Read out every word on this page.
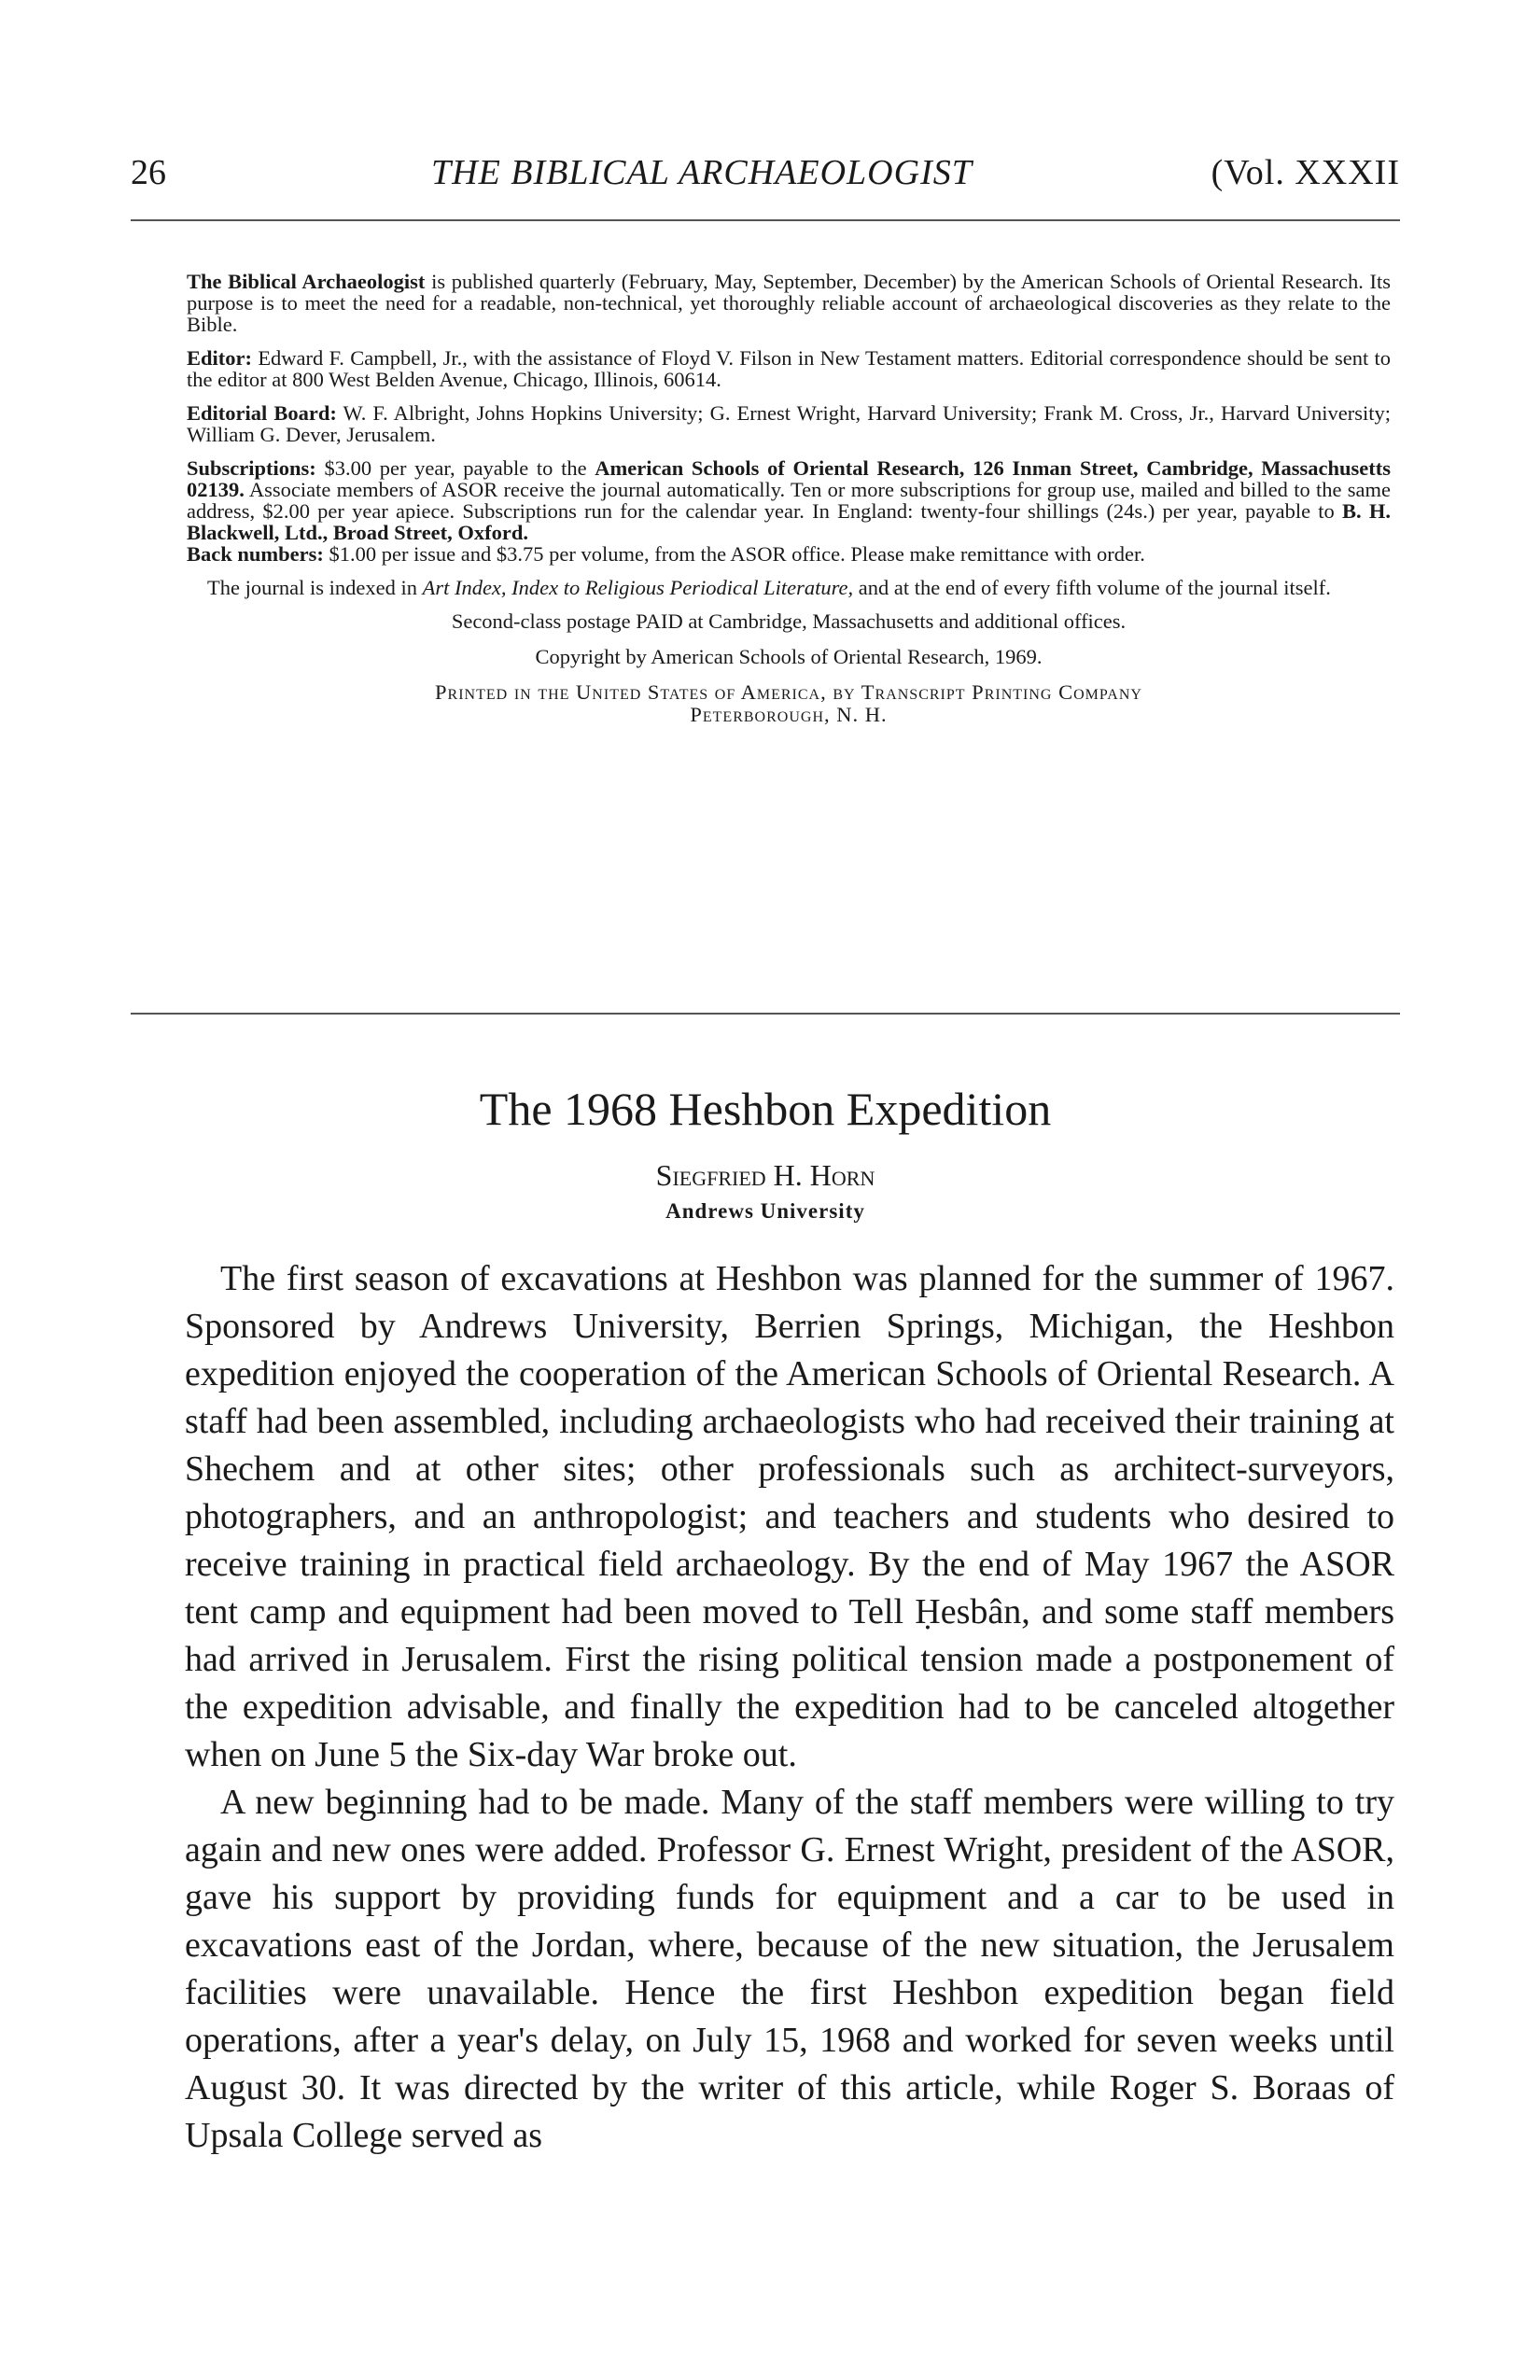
26	THE BIBLICAL ARCHAEOLOGIST	(Vol. XXXII

The Biblical Archaeologist is published quarterly (February, May, September, December) by the American Schools of Oriental Research. Its purpose is to meet the need for a readable, non-technical, yet thoroughly reliable account of archaeological discoveries as they relate to the Bible.

Editor: Edward F. Campbell, Jr., with the assistance of Floyd V. Filson in New Testament matters. Editorial correspondence should be sent to the editor at 800 West Belden Avenue, Chicago, Illinois, 60614.

Editorial Board: W. F. Albright, Johns Hopkins University; G. Ernest Wright, Harvard University; Frank M. Cross, Jr., Harvard University; William G. Dever, Jerusalem.

Subscriptions: $3.00 per year, payable to the American Schools of Oriental Research, 126 Inman Street, Cambridge, Massachusetts 02139. Associate members of ASOR receive the journal automatically. Ten or more subscriptions for group use, mailed and billed to the same address, $2.00 per year apiece. Subscriptions run for the calendar year. In England: twenty-four shillings (24s.) per year, payable to B. H. Blackwell, Ltd., Broad Street, Oxford.
Back numbers: $1.00 per issue and $3.75 per volume, from the ASOR office. Please make remittance with order.

The journal is indexed in Art Index, Index to Religious Periodical Literature, and at the end of every fifth volume of the journal itself.

Second-class postage PAID at Cambridge, Massachusetts and additional offices.

Copyright by American Schools of Oriental Research, 1969.

Printed in the United States of America, by Transcript Printing Company
Peterborough, N. H.

The 1968 Heshbon Expedition
Siegfried H. Horn
Andrews University

The first season of excavations at Heshbon was planned for the summer of 1967. Sponsored by Andrews University, Berrien Springs, Michigan, the Heshbon expedition enjoyed the cooperation of the American Schools of Oriental Research. A staff had been assembled, including archaeologists who had received their training at Shechem and at other sites; other professionals such as architect-surveyors, photographers, and an anthropologist; and teachers and students who desired to receive training in practical field archaeology. By the end of May 1967 the ASOR tent camp and equipment had been moved to Tell Ḥesbân, and some staff members had arrived in Jerusalem. First the rising political tension made a postponement of the expedition advisable, and finally the expedition had to be canceled altogether when on June 5 the Six-day War broke out.

A new beginning had to be made. Many of the staff members were willing to try again and new ones were added. Professor G. Ernest Wright, president of the ASOR, gave his support by providing funds for equipment and a car to be used in excavations east of the Jordan, where, because of the new situation, the Jerusalem facilities were unavailable. Hence the first Heshbon expedition began field operations, after a year's delay, on July 15, 1968 and worked for seven weeks until August 30. It was directed by the writer of this article, while Roger S. Boraas of Upsala College served as
